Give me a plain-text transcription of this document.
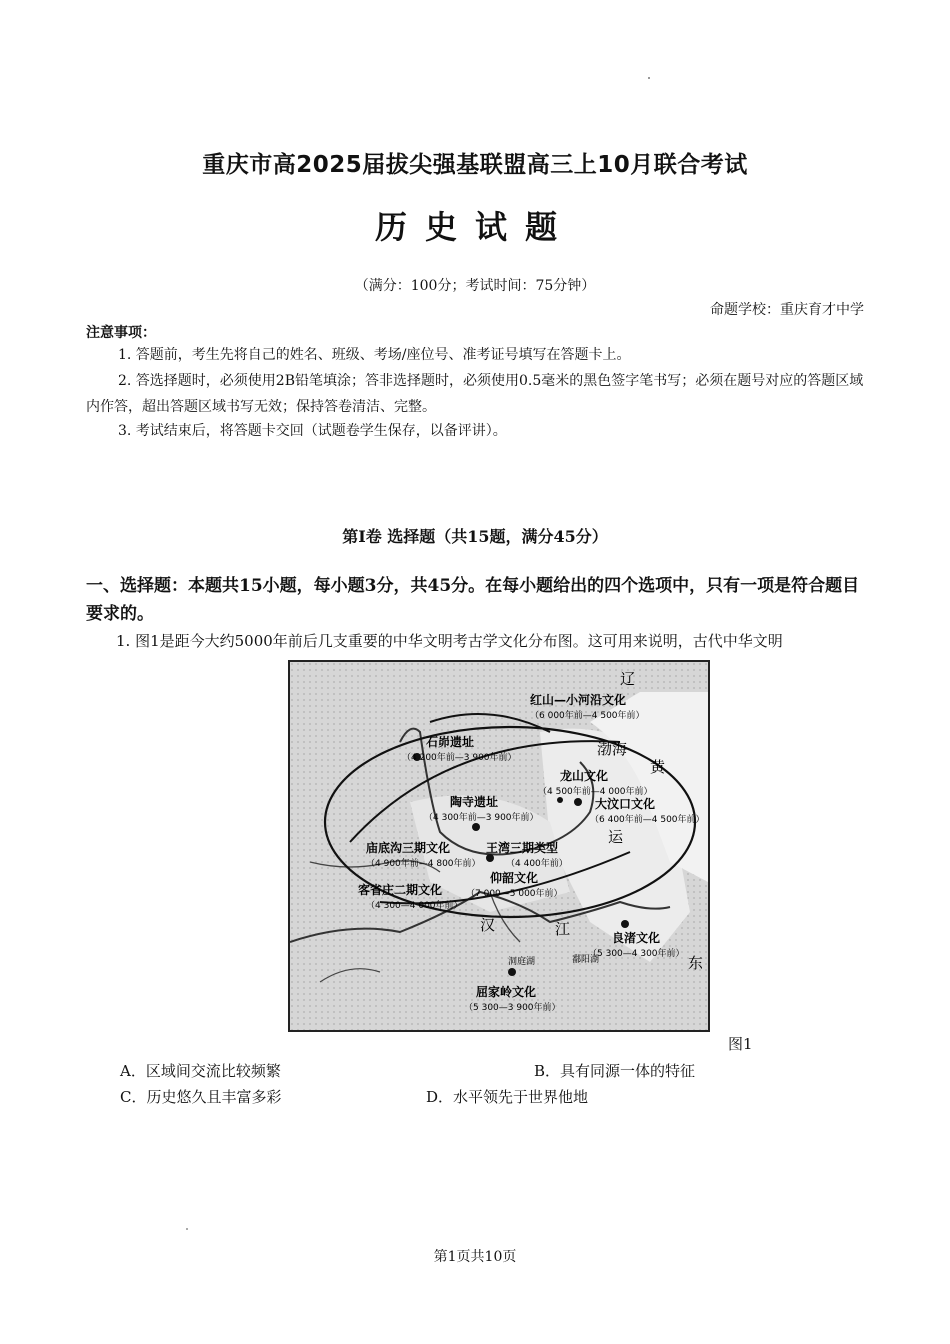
重庆市高2025届拔尖强基联盟高三上10月联合考试
历史试题
（满分：100分；考试时间：75分钟）
命题学校：重庆育才中学
注意事项：
1. 答题前，考生先将自己的姓名、班级、考场/座位号、准考证号填写在答题卡上。
2. 答选择题时，必须使用2B铅笔填涂；答非选择题时，必须使用0.5毫米的黑色签字笔书写；必须在题号对应的答题区域内作答，超出答题区域书写无效；保持答卷清洁、完整。
3. 考试结束后，将答题卡交回（试题卷学生保存，以备评讲）。
第Ⅰ卷 选择题（共15题，满分45分）
一、选择题：本题共15小题，每小题3分，共45分。在每小题给出的四个选项中，只有一项是符合题目要求的。
1. 图1是距今大约5000年前后几支重要的中华文明考古学文化分布图。这可用来说明，古代中华文明
红山—小河沿文化
（6 000年前—4 500年前）
石峁遗址
（4 200年前—3 900年前）
龙山文化
（4 500年前—4 000年前）
大汶口文化
（6 400年前—4 500年前）
陶寺遗址
（4 300年前—3 900年前）
庙底沟三期文化
（4 900年前—4 800年前）
王湾三期类型
（4 400年前）
仰韶文化
（7 000—5 000年前）
客省庄二期文化
（4 300—4 000年前）
良渚文化
（5 300—4 300年前）
屈家岭文化
（5 300—3 900年前）
渤海
黄
运
汉	江
东
辽
洞庭湖	鄱阳湖
图1
A．区域间交流比较频繁	B．具有同源一体的特征
C．历史悠久且丰富多彩	D．水平领先于世界他地
第1页共10页
